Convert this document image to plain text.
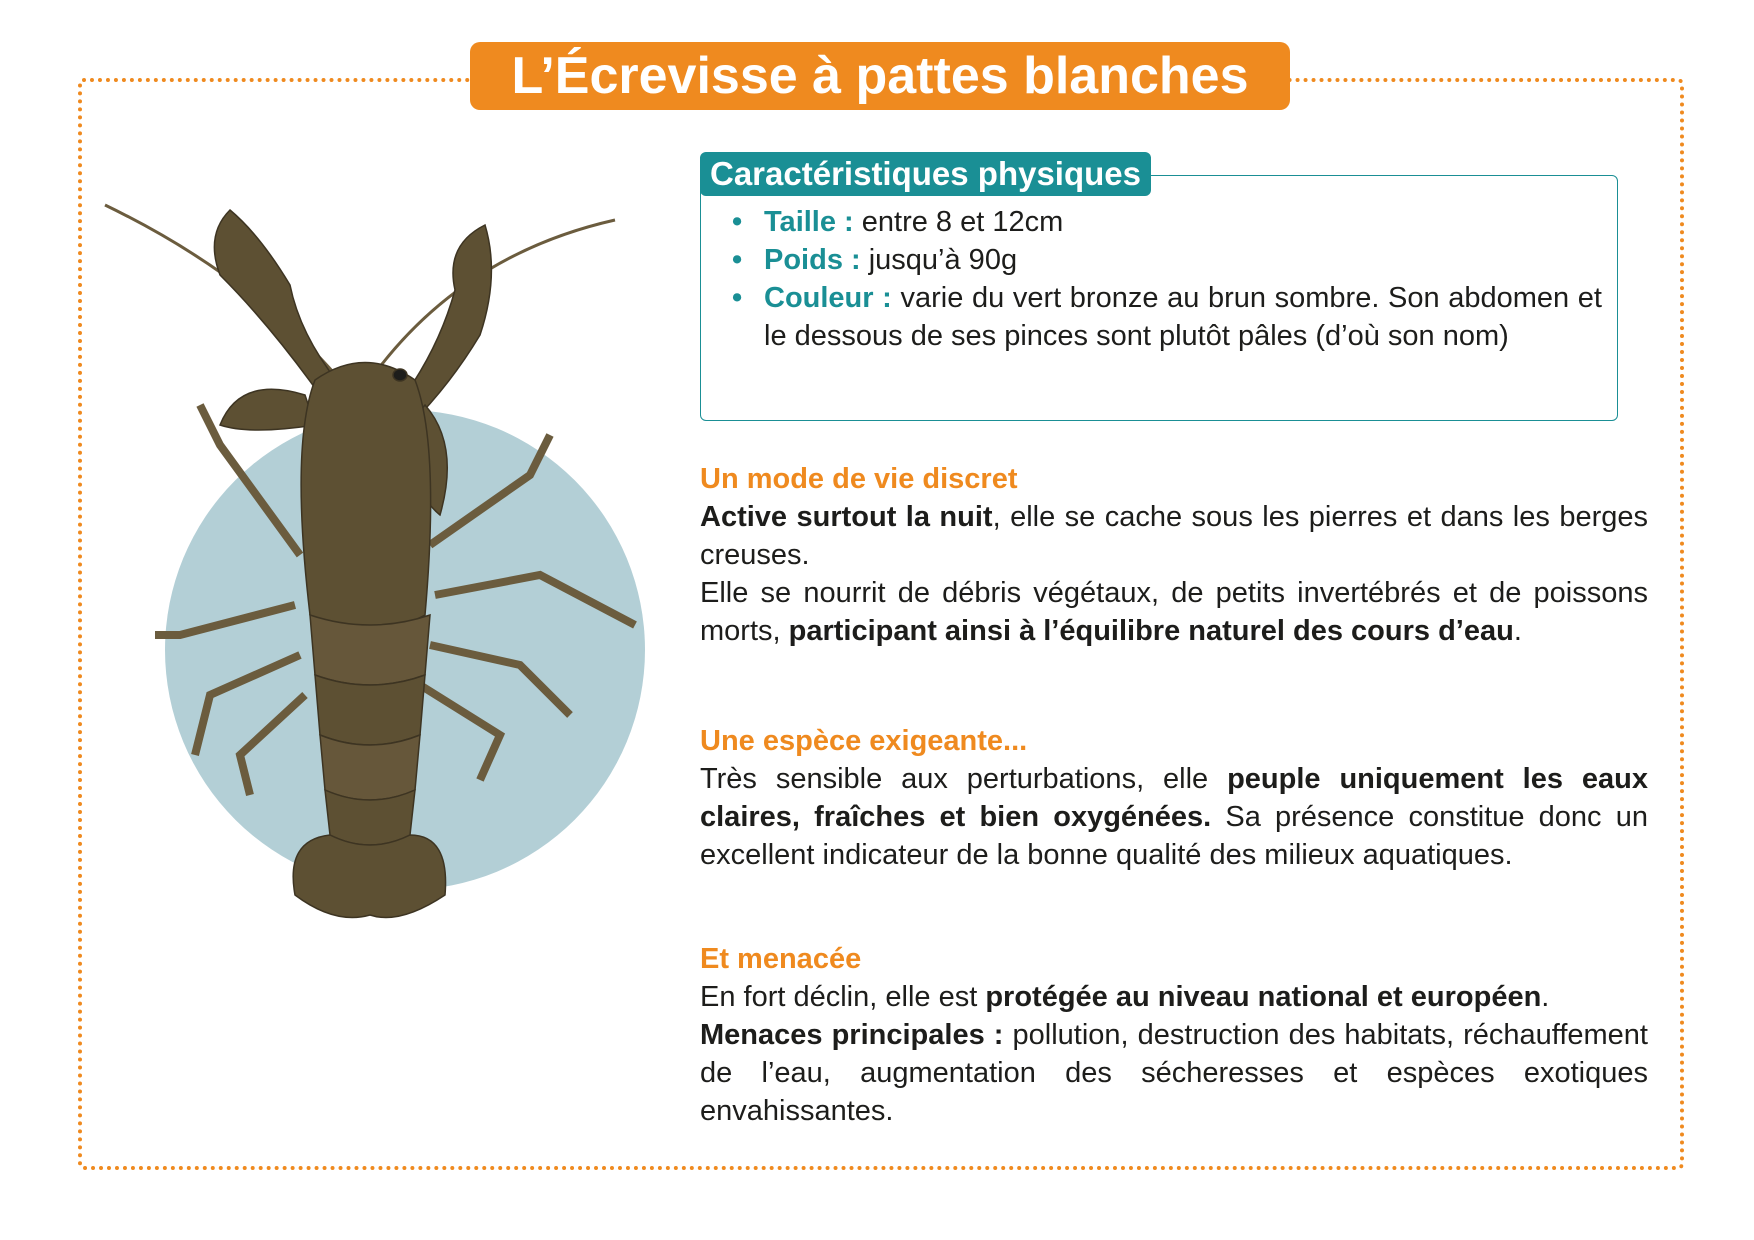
L’Écrevisse à pattes blanches
Caractéristiques physiques
• Taille : entre 8 et 12cm
• Poids : jusqu’à 90g
• Couleur : varie du vert bronze au brun sombre. Son abdomen et le dessous de ses pinces sont plutôt pâles (d’où son nom)
Un mode de vie discret

Active surtout la nuit, elle se cache sous les pierres et dans les berges creuses.

Elle se nourrit de débris végétaux, de petits invertébrés et de poissons morts, participant ainsi à l’équilibre naturel des cours d’eau.

Une espèce exigeante...

Très sensible aux perturbations, elle peuple uniquement les eaux claires, fraîches et bien oxygénées. Sa présence constitue donc un excellent indicateur de la bonne qualité des milieux aquatiques.

Et menacée

En fort déclin, elle est protégée au niveau national et européen.

Menaces principales : pollution, destruction des habitats, réchauffement de l’eau, augmentation des sécheresses et espèces exotiques envahissantes.
